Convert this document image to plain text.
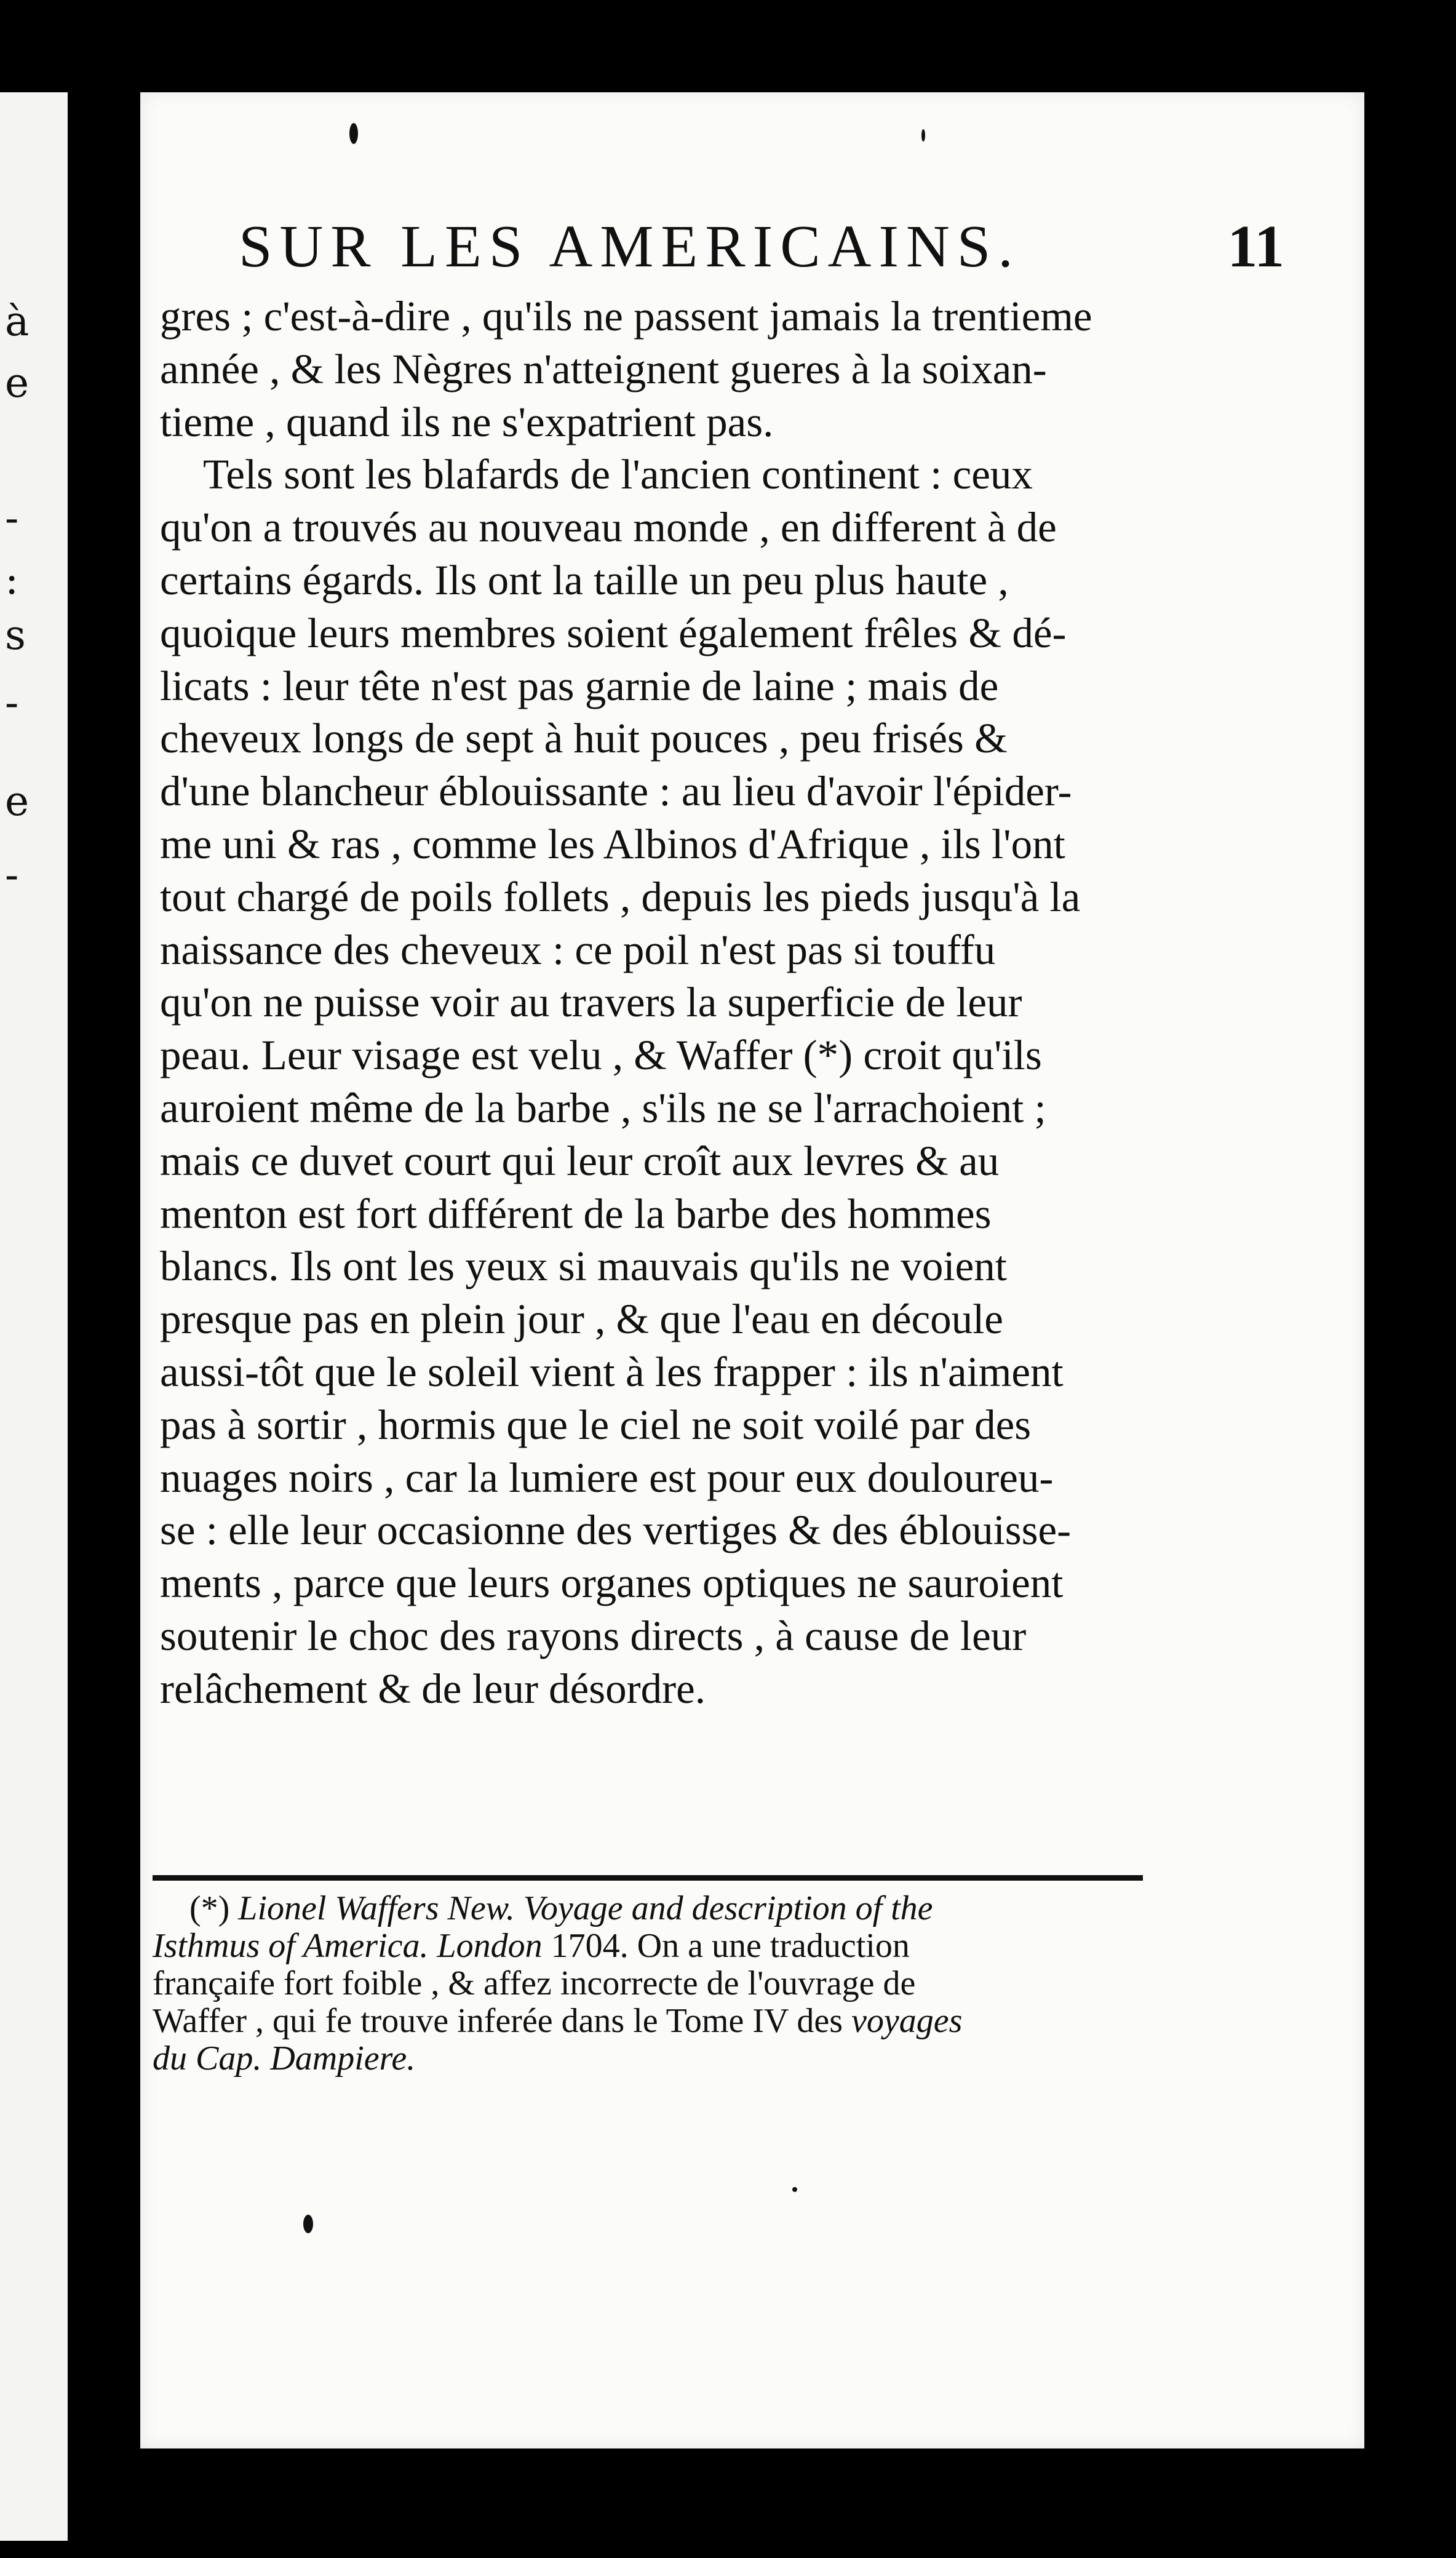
à
e
-
:
s
-
e
-
SUR LES AMERICAINS.	11
gres ; c'est-à-dire , qu'ils ne passent jamais la trentieme
année , & les Nègres n'atteignent gueres à la soixan-
tieme , quand ils ne s'expatrient pas.
Tels sont les blafards de l'ancien continent : ceux
qu'on a trouvés au nouveau monde , en different à de
certains égards. Ils ont la taille un peu plus haute ,
quoique leurs membres soient également frêles & dé-
licats : leur tête n'est pas garnie de laine ; mais de
cheveux longs de sept à huit pouces , peu frisés &
d'une blancheur éblouissante : au lieu d'avoir l'épider-
me uni & ras , comme les Albinos d'Afrique , ils l'ont
tout chargé de poils follets , depuis les pieds jusqu'à la
naissance des cheveux : ce poil n'est pas si touffu
qu'on ne puisse voir au travers la superficie de leur
peau. Leur visage est velu , & Waffer (*) croit qu'ils
auroient même de la barbe , s'ils ne se l'arrachoient ;
mais ce duvet court qui leur croît aux levres & au
menton est fort différent de la barbe des hommes
blancs. Ils ont les yeux si mauvais qu'ils ne voient
presque pas en plein jour , & que l'eau en découle
aussi-tôt que le soleil vient à les frapper : ils n'aiment
pas à sortir , hormis que le ciel ne soit voilé par des
nuages noirs , car la lumiere est pour eux douloureu-
se : elle leur occasionne des vertiges & des éblouisse-
ments , parce que leurs organes optiques ne sauroient
soutenir le choc des rayons directs , à cause de leur
relâchement & de leur désordre.
(*) Lionel Waffers New. Voyage and description of the
Isthmus of America. London 1704. On a une traduction
françaife fort foible , & affez incorrecte de l'ouvrage de
Waffer , qui fe trouve inferée dans le Tome IV des voyages
du Cap. Dampiere.
